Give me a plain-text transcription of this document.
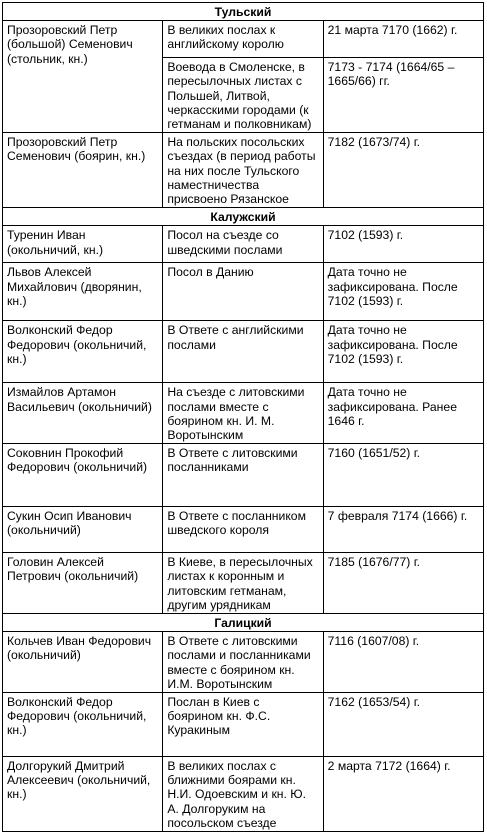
Тульский		
Прозоровский Петр (большой) Семенович (стольник, кн.)	В великих послах к английскому королю	21 марта 7170 (1662) г.
	Воевода в Смоленске, в пересылочных листах с Польшей, Литвой, черкасскими городами (к гетманам и полковникам)	7173 - 7174 (1664/65 – 1665/66) гг.
Прозоровский Петр Семенович (боярин, кн.)	На польских посольских съездах (в период работы на них после Тульского наместничества присвоено Рязанское	7182 (1673/74) г.
Калужский		
Туренин Иван (окольничий, кн.)	Посол на съезде со шведскими послами	7102 (1593) г.
Львов Алексей Михайлович (дворянин, кн.)	Посол в Данию	Дата точно не зафиксирована. После 7102 (1593) г.
Волконский Федор Федорович (окольничий, кн.)	В Ответе с английскими послами	Дата точно не зафиксирована. После 7102 (1593) г.
Измайлов Артамон Васильевич (окольничий)	На съезде с литовскими послами вместе с боярином кн. И. М. Воротынским	Дата точно не зафиксирована. Ранее 1646 г.
Соковнин Прокофий Федорович (окольничий)	В Ответе с литовскими посланниками	7160 (1651/52) г.
Сукин Осип Иванович (окольничий)	В Ответе с посланником шведского короля	7 февраля 7174 (1666) г.
Головин Алексей Петрович (окольничий)	В Киеве, в пересылочных листах к коронным и литовским гетманам, другим урядникам	7185 (1676/77) г.
Галицкий		
Кольчев Иван Федорович (окольничий)	В Ответе с литовскими послами и посланниками вместе с боярином кн. И.М. Воротынским	7116 (1607/08) г.
Волконский Федор Федорович (окольничий, кн.)	Послан в Киев с боярином кн. Ф.С. Куракиным	7162 (1653/54) г.
Долгорукий Дмитрий Алексеевич (окольничий, кн.)	В великих послах с ближними боярами кн. Н.И. Одоевским и кн. Ю. А. Долгоруким на посольском съезде	2 марта 7172 (1664) г.
